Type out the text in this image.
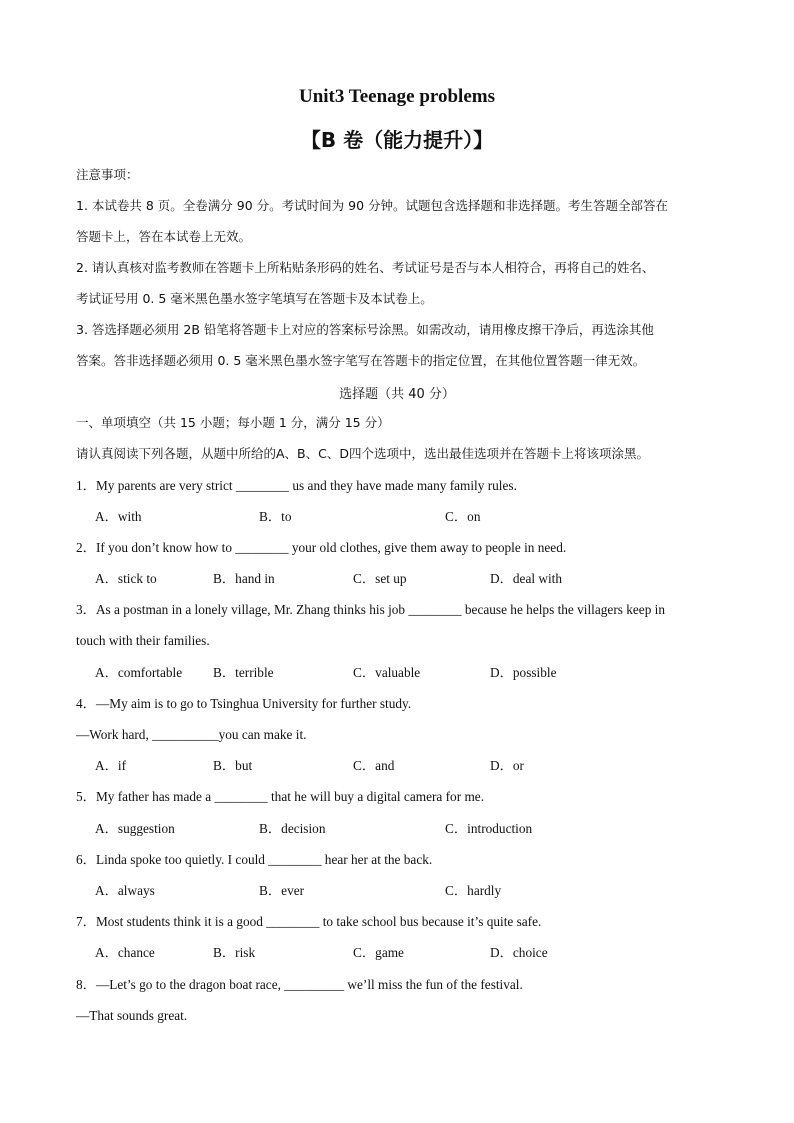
Unit3 Teenage problems
【B 卷（能力提升）】
注意事项：
1. 本试卷共 8 页。全卷满分 90 分。考试时间为 90 分钟。试题包含选择题和非选择题。考生答题全部答在
答题卡上，答在本试卷上无效。
2. 请认真核对监考教师在答题卡上所粘贴条形码的姓名、考试证号是否与本人相符合，再将自己的姓名、
考试证号用 0. 5 毫米黑色墨水签字笔填写在答题卡及本试卷上。
3. 答选择题必须用 2B 铅笔将答题卡上对应的答案标号涂黑。如需改动，请用橡皮擦干净后，再选涂其他
答案。答非选择题必须用 0. 5 毫米黑色墨水签字笔写在答题卡的指定位置，在其他位置答题一律无效。
选择题（共 40 分）
一、单项填空（共 15 小题；每小题 1 分，满分 15 分）
请认真阅读下列各题，从题中所给的A、B、C、D四个选项中，选出最佳选项并在答题卡上将该项涂黑。
1．My parents are very strict ________ us and they have made many family rules.
A．with	B．to	C．on
2．If you don’t know how to ________ your old clothes, give them away to people in need.
A．stick to	B．hand in	C．set up	D．deal with
3．As a postman in a lonely village, Mr. Zhang thinks his job ________ because he helps the villagers keep in
touch with their families.
A．comfortable B．terrible	C．valuable	D．possible
4．—My aim is to go to Tsinghua University for further study.
—Work hard, __________you can make it.
A．if	B．but	C．and	D．or
5．My father has made a ________ that he will buy a digital camera for me.
A．suggestion	B．decision	C．introduction
6．Linda spoke too quietly. I could ________ hear her at the back.
A．always	B．ever	C．hardly
7．Most students think it is a good ________ to take school bus because it’s quite safe.
A．chance	B．risk	C．game	D．choice
8．—Let’s go to the dragon boat race, _________ we’ll miss the fun of the festival.
—That sounds great.
